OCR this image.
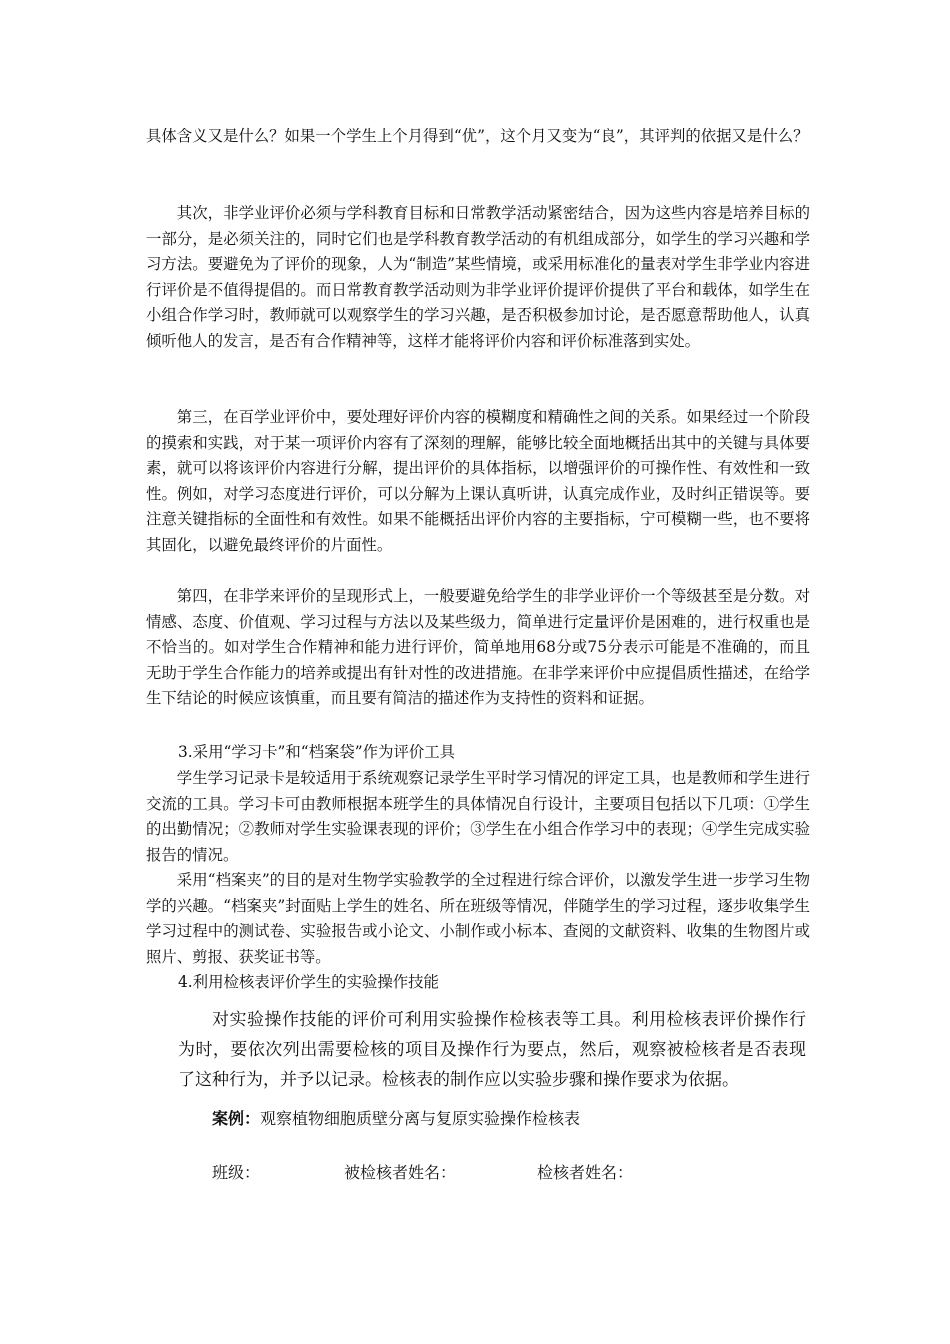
具体含义又是什么？如果一个学生上个月得到“优”，这个月又变为“良”，其评判的依据又是什么？

其次，非学业评价必须与学科教育目标和日常教学活动紧密结合，因为这些内容是培养目标的一部分，是必须关注的，同时它们也是学科教育教学活动的有机组成部分，如学生的学习兴趣和学习方法。要避免为了评价的现象，人为“制造”某些情境，或采用标准化的量表对学生非学业内容进行评价是不值得提倡的。而日常教育教学活动则为非学业评价提评价提供了平台和载体，如学生在小组合作学习时，教师就可以观察学生的学习兴趣，是否积极参加讨论，是否愿意帮助他人，认真倾听他人的发言，是否有合作精神等，这样才能将评价内容和评价标准落到实处。

第三，在百学业评价中，要处理好评价内容的模糊度和精确性之间的关系。如果经过一个阶段的摸索和实践，对于某一项评价内容有了深刻的理解，能够比较全面地概括出其中的关键与具体要素，就可以将该评价内容进行分解，提出评价的具体指标，以增强评价的可操作性、有效性和一致性。例如，对学习态度进行评价，可以分解为上课认真听讲，认真完成作业，及时纠正错误等。要注意关键指标的全面性和有效性。如果不能概括出评价内容的主要指标，宁可模糊一些，也不要将其固化，以避免最终评价的片面性。

第四，在非学来评价的呈现形式上，一般要避免给学生的非学业评价一个等级甚至是分数。对情感、态度、价值观、学习过程与方法以及某些级力，简单进行定量评价是困难的，进行权重也是不恰当的。如对学生合作精神和能力进行评价，简单地用68分或75分表示可能是不准确的，而且无助于学生合作能力的培养或提出有针对性的改进措施。在非学来评价中应提倡质性描述，在给学生下结论的时候应该慎重，而且要有简洁的描述作为支持性的资料和证据。

3.采用“学习卡”和“档案袋”作为评价工具

学生学习记录卡是较适用于系统观察记录学生平时学习情况的评定工具，也是教师和学生进行交流的工具。学习卡可由教师根据本班学生的具体情况自行设计，主要项目包括以下几项：①学生的出勤情况；②教师对学生实验课表现的评价；③学生在小组合作学习中的表现；④学生完成实验报告的情况。

采用“档案夹”的目的是对生物学实验教学的全过程进行综合评价，以激发学生进一步学习生物学的兴趣。“档案夹”封面贴上学生的姓名、所在班级等情况，伴随学生的学习过程，逐步收集学生学习过程中的测试卷、实验报告或小论文、小制作或小标本、查阅的文献资料、收集的生物图片或照片、剪报、获奖证书等。

4.利用检核表评价学生的实验操作技能

对实验操作技能的评价可利用实验操作检核表等工具。利用检核表评价操作行为时，要依次列出需要检核的项目及操作行为要点，然后，观察被检核者是否表现了这种行为，并予以记录。检核表的制作应以实验步骤和操作要求为依据。

案例：观察植物细胞质壁分离与复原实验操作检核表
班级：	被检核者姓名：	检核者姓名：
